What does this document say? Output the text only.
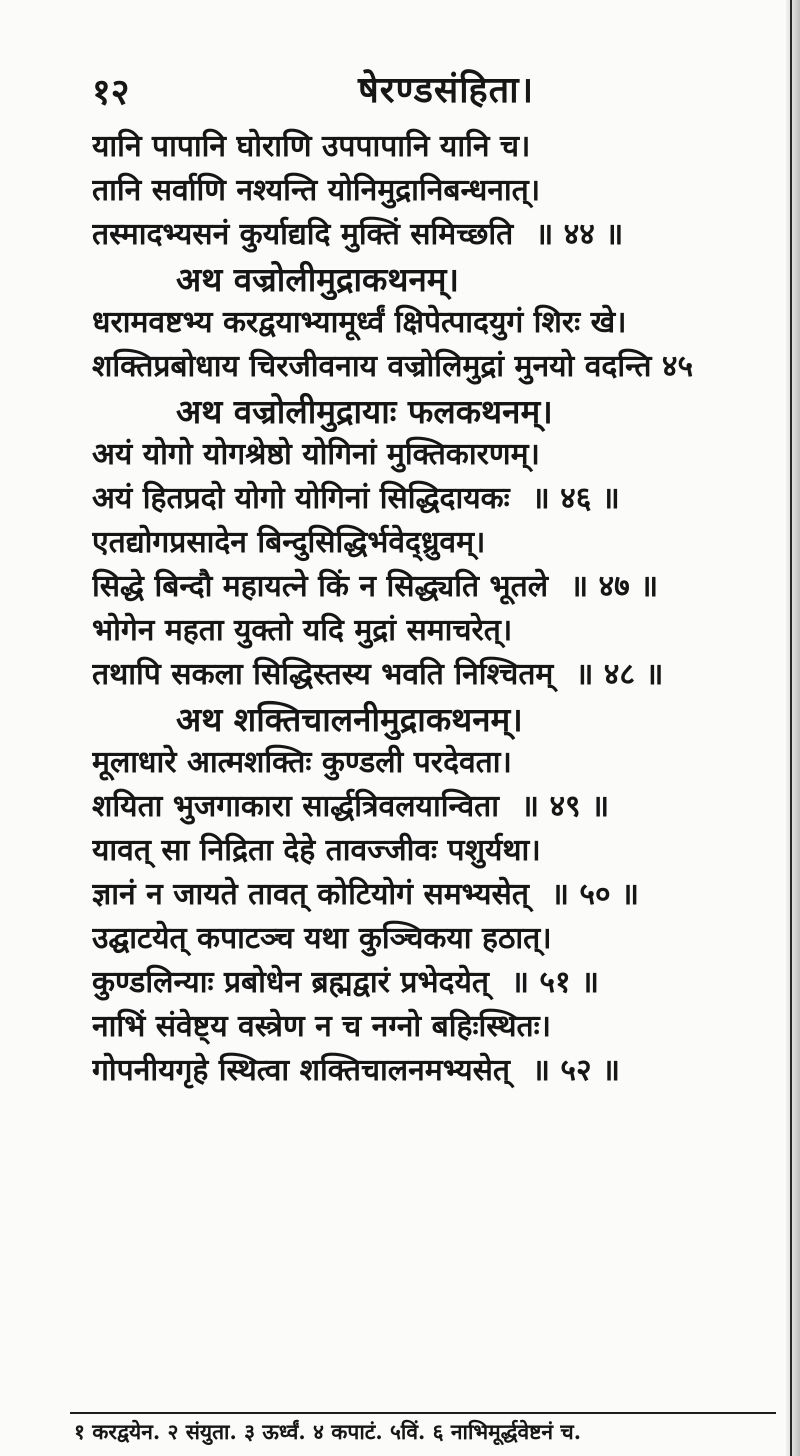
१२	षेरण्डसंहिता।
यानि पापानि घोराणि उपपापानि यानि च।
तानि सर्वाणि नश्यन्ति योनिमुद्रानिबन्धनात्।
तस्मादभ्यसनं कुर्याद्यदि मुक्तिं समिच्छति ॥ ४४ ॥
अथ वज्रोलीमुद्राकथनम्।
धरामवष्टभ्य करद्वयाभ्यामूर्ध्वं क्षिपेत्पादयुगं शिरः खे।
शक्तिप्रबोधाय चिरजीवनाय वज्रोलिमुद्रां मुनयो वदन्ति ४५
अथ वज्रोलीमुद्रायाः फलकथनम्।
अयं योगो योगश्रेष्ठो योगिनां मुक्तिकारणम्।
अयं हितप्रदो योगो योगिनां सिद्धिदायकः ॥ ४६ ॥
एतद्योगप्रसादेन बिन्दुसिद्धिर्भवेद्ध्रुवम्।
सिद्धे बिन्दौ महायत्ने किं न सिद्ध्यति भूतले ॥ ४७ ॥
भोगेन महता युक्तो यदि मुद्रां समाचरेत्।
तथापि सकला सिद्धिस्तस्य भवति निश्चितम् ॥ ४८ ॥
अथ शक्तिचालनीमुद्राकथनम्।
मूलाधारे आत्मशक्तिः कुण्डली परदेवता।
शयिता भुजगाकारा सार्द्धत्रिवलयान्विता ॥ ४९ ॥
यावत् सा निद्रिता देहे तावज्जीवः पशुर्यथा।
ज्ञानं न जायते तावत् कोटियोगं समभ्यसेत् ॥ ५० ॥
उद्घाटयेत् कपाटञ्च यथा कुञ्चिकया हठात्।
कुण्डलिन्याः प्रबोधेन ब्रह्मद्वारं प्रभेदयेत् ॥ ५१ ॥
नाभिं संवेष्ट्य वस्त्रेण न च नग्नो बहिःस्थितः।
गोपनीयगृहे स्थित्वा शक्तिचालनमभ्यसेत् ॥ ५२ ॥
१ करद्वयेन. २ संयुता. ३ ऊर्ध्वं. ४ कपाटं. ५विं. ६ नाभिमूर्द्धवेष्टनं च.
